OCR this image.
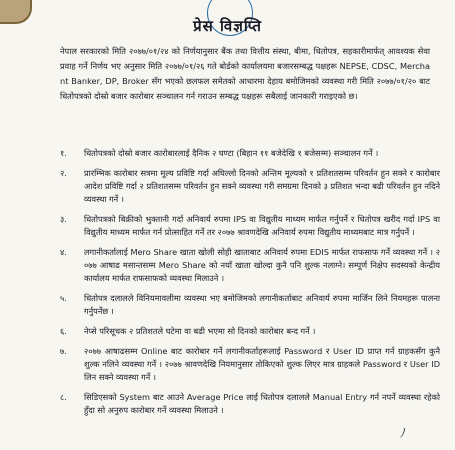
प्रेस विज्ञप्ति

नेपाल सरकारको मिति २०७७/०१/२४ को निर्णयानुसार बैंक तथा वित्तीय संस्था, बीमा, धितोपत्र, सहकारीमार्फत् आवश्यक सेवा प्रवाह गर्ने निर्णय भए अनुसार मिति २०७७/०१/२६ गते बोर्डको कार्यालयमा बजारसम्बद्ध पक्षहरू NEPSE, CDSC, Merchant Banker, DP, Broker सँग भएको छलफल समेतको आधारमा देहाय बमोजिमको व्यवस्था गरी मिति २०७७/०१/२० बाट धितोपत्रको दोस्रो बजार कारोबार सञ्चालन गर्न गराउन सम्बद्ध पक्षहरू सबैलाई जानकारी गराइएको छ।

१.	धितोपत्रको दोस्रो बजार कारोबारलाई दैनिक २ घण्टा (बिहान ११ बजेदेखि १ बजेसम्म) सञ्चालन गर्ने ।
२.	प्रारम्भिक कारोबार सत्रमा मूल्य प्रविष्टि गर्दा अघिल्लो दिनको अन्तिम मूल्यको १ प्रतिशतसम्म परिवर्तन हुन सक्ने र कारोबार आदेश प्रविष्टि गर्दा २ प्रतिशतसम्म परिवर्तन हुन सक्ने व्यवस्था गरी समग्रमा दिनको ३ प्रतिशत भन्दा बढी परिवर्तन हुन नदिने व्यवस्था गर्ने ।
३.	धितोपत्रको बिक्रीको भुक्तानी गर्दा अनिवार्य रुपमा IPS वा विद्युतीय माध्यम मार्फत गर्नुपर्ने र धितोपत्र खरीद गर्दा IPS वा विद्युतीय माध्यम मार्फत गर्न प्रोत्साहित गर्ने तर २०७७ श्रावणदेखि अनिवार्य रुपमा विद्युतीय माध्यमबाट मात्र गर्नुपर्ने ।
४.	लगानीकर्तालाई Mero Share खाता खोली सोही खाताबाट अनिवार्य रुपमा EDIS मार्फत राफसाफ गर्ने व्यवस्था गर्ने । २०७७ आषाढ मसान्तसम्म Mero Share को नयाँ खाता खोल्दा कुनै पनि शुल्क नलाग्ने। सम्पूर्ण निक्षेप सदस्यको केन्द्रीय कार्यालय मार्फत राफसाफको व्यवस्था मिलाउने ।
५.	धितोपत्र दलालले विनियमावलीमा व्यवस्था भए बमोजिमको लगानीकर्ताबाट अनिवार्य रुपमा मार्जिन लिने नियमहरू पालना गर्नुपर्नेछ ।
६.	नेप्से परिसूचक २ प्रतिशतले घटेमा वा बढी भएमा सो दिनको कारोबार बन्द गर्ने ।
७.	२०७७ आषाढसम्म Online बाट कारोबार गर्ने लगानीकर्ताहरूलाई Password र User ID प्राप्त गर्न ग्राहकसँग कुनै शुल्क नलिने व्यवस्था गर्ने । २०७७ श्रावणदेखि नियमानुसार तोकिएको शुल्क लिएर मात्र ग्राहकले Password र User ID लिन सक्ने व्यवस्था गर्ने ।
८.	सिडिएसको System बाट आउने Average Price लाई धितोपत्र दलालले Manual Entry गर्न नपर्ने व्यवस्था रहेको हुँदा सो अनुरुप कारोबार गर्ने व्यवस्था मिलाउने ।
ﾉ
